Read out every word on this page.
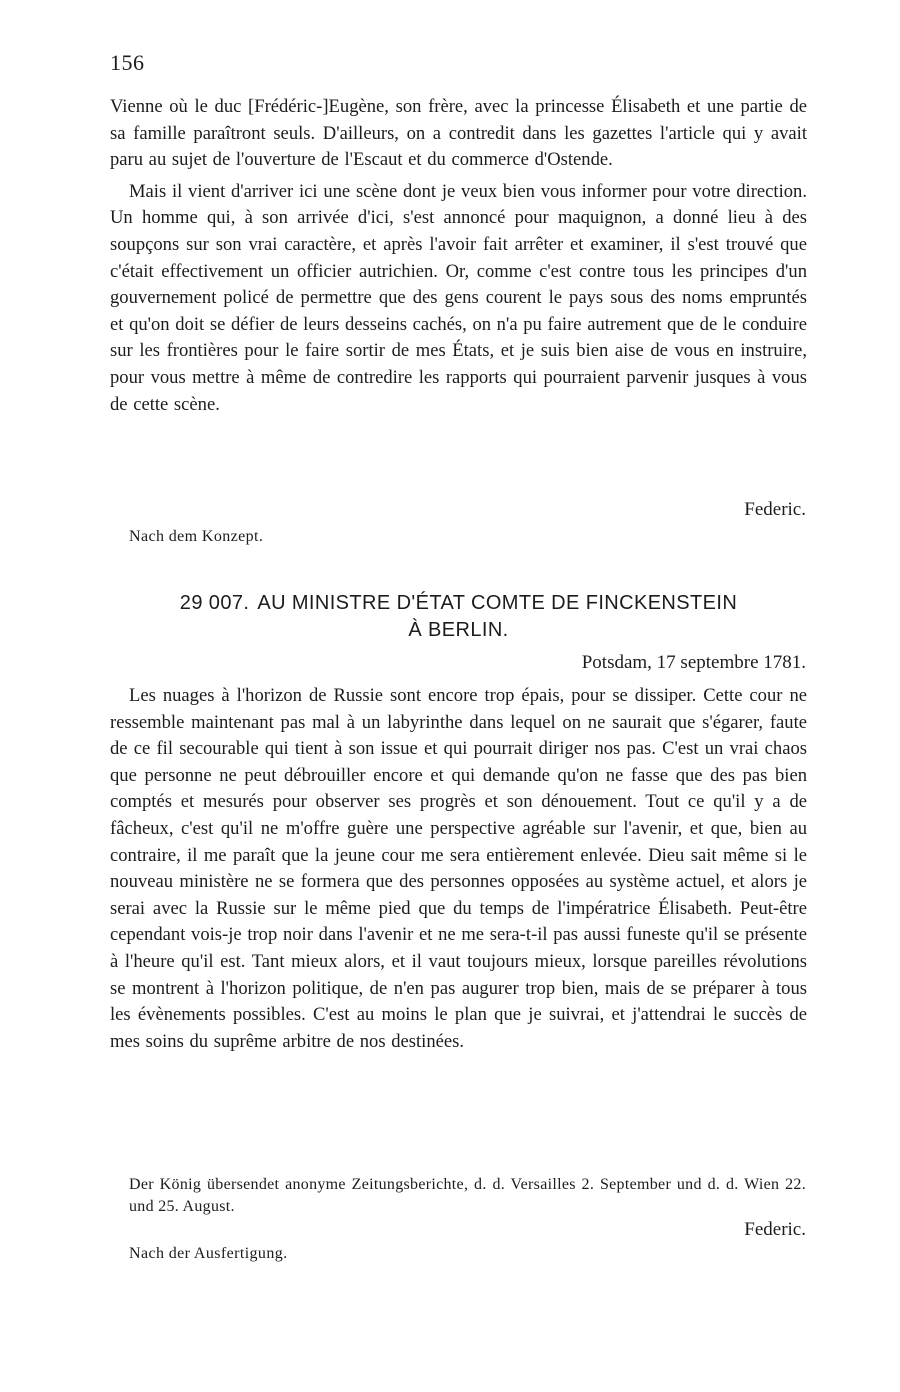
156

Vienne où le duc [Frédéric-]Eugène, son frère, avec la princesse Élisabeth et une partie de sa famille paraîtront seuls. D'ailleurs, on a contredit dans les gazettes l'article qui y avait paru au sujet de l'ouverture de l'Escaut et du commerce d'Ostende.

Mais il vient d'arriver ici une scène dont je veux bien vous informer pour votre direction. Un homme qui, à son arrivée d'ici, s'est annoncé pour maquignon, a donné lieu à des soupçons sur son vrai caractère, et après l'avoir fait arrêter et examiner, il s'est trouvé que c'était effectivement un officier autrichien. Or, comme c'est contre tous les principes d'un gouvernement policé de permettre que des gens courent le pays sous des noms empruntés et qu'on doit se défier de leurs desseins cachés, on n'a pu faire autrement que de le conduire sur les frontières pour le faire sortir de mes États, et je suis bien aise de vous en instruire, pour vous mettre à même de contredire les rapports qui pourraient parvenir jusques à vous de cette scène.

Federic.
Nach dem Konzept.
29 007. AU MINISTRE D'ÉTAT COMTE DE FINCKENSTEIN
À BERLIN.
Potsdam, 17 septembre 1781.

Les nuages à l'horizon de Russie sont encore trop épais, pour se dissiper. Cette cour ne ressemble maintenant pas mal à un labyrinthe dans lequel on ne saurait que s'égarer, faute de ce fil secourable qui tient à son issue et qui pourrait diriger nos pas. C'est un vrai chaos que personne ne peut débrouiller encore et qui demande qu'on ne fasse que des pas bien comptés et mesurés pour observer ses progrès et son dénouement. Tout ce qu'il y a de fâcheux, c'est qu'il ne m'offre guère une perspective agréable sur l'avenir, et que, bien au contraire, il me paraît que la jeune cour me sera entièrement enlevée. Dieu sait même si le nouveau ministère ne se formera que des personnes opposées au système actuel, et alors je serai avec la Russie sur le même pied que du temps de l'impératrice Élisabeth. Peut-être cependant vois-je trop noir dans l'avenir et ne me sera-t-il pas aussi funeste qu'il se présente à l'heure qu'il est. Tant mieux alors, et il vaut toujours mieux, lorsque pareilles révolutions se montrent à l'horizon politique, de n'en pas augurer trop bien, mais de se préparer à tous les évènements possibles. C'est au moins le plan que je suivrai, et j'attendrai le succès de mes soins du suprême arbitre de nos destinées.

Der König übersendet anonyme Zeitungsberichte, d. d. Versailles 2. September und d. d. Wien 22. und 25. August.
Federic.
Nach der Ausfertigung.
